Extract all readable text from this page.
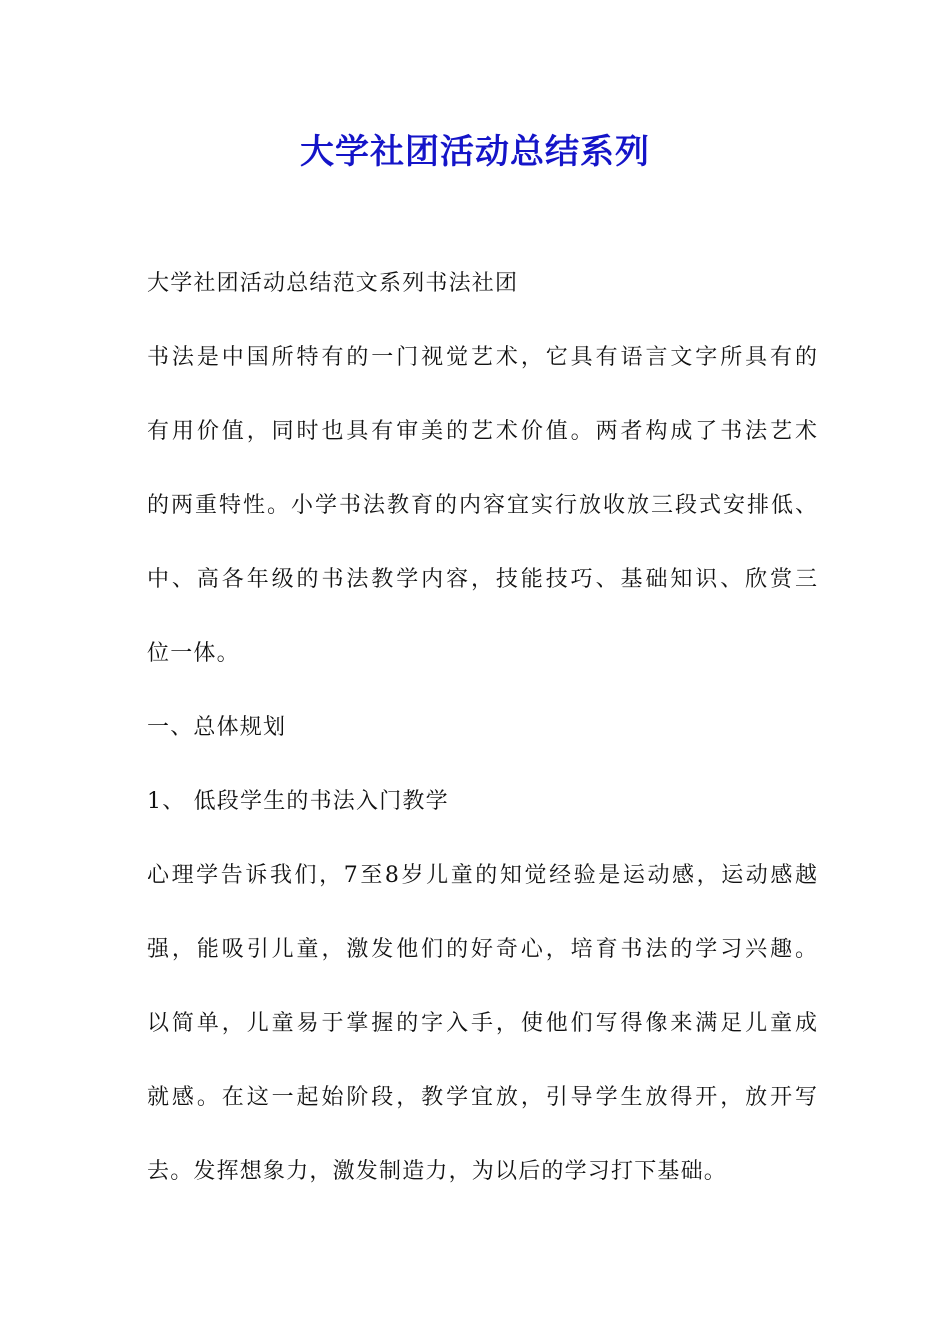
大学社团活动总结系列
大学社团活动总结范文系列书法社团
书法是中国所特有的一门视觉艺术，它具有语言文字所具有的
有用价值，同时也具有审美的艺术价值。两者构成了书法艺术
的两重特性。小学书法教育的内容宜实行放收放三段式安排低、
中、高各年级的书法教学内容，技能技巧、基础知识、欣赏三
位一体。
一、总体规划
1、 低段学生的书法入门教学
心理学告诉我们，7至8岁儿童的知觉经验是运动感，运动感越
强，能吸引儿童，激发他们的好奇心，培育书法的学习兴趣。
以简单，儿童易于掌握的字入手，使他们写得像来满足儿童成
就感。在这一起始阶段，教学宜放，引导学生放得开，放开写
去。发挥想象力，激发制造力，为以后的学习打下基础。
